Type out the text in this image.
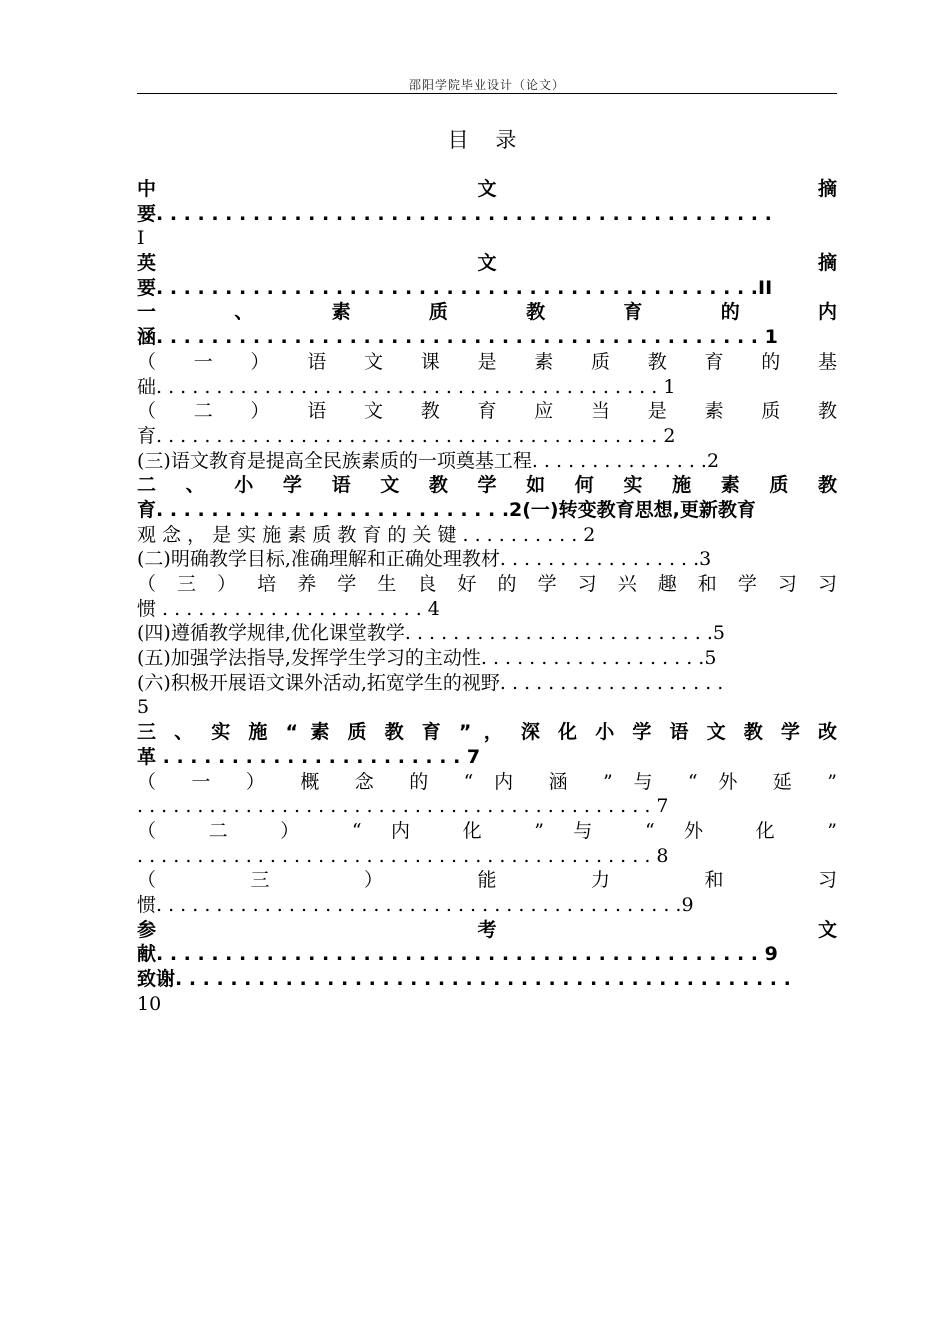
邵阳学院毕业设计（论文）
目 录
中 文 摘
要. . . . . . . . . . . . . . . . . . . . . . . . . . . . . . . . . . . . . . . . . . . . .
I
英 文 摘
要. . . . . . . . . . . . . . . . . . . . . . . . . . . . . . . . . . . . . . . . . . . .II
一 、 素 质 教 育 的 内
涵. . . . . . . . . . . . . . . . . . . . . . . . . . . . . . . . . . . . . . . . . . . . 1
（ 一 ） 语 文 课 是 素 质 教 育 的 基
础. . . . . . . . . . . . . . . . . . . . . . . . . . . . . . . . . . . . . . . . . . 1
（ 二 ） 语 文 教 育 应 当 是 素 质 教
育. . . . . . . . . . . . . . . . . . . . . . . . . . . . . . . . . . . . . . . . . . 2
(三)语文教育是提高全民族素质的一项奠基工程. . . . . . . . . . . . . . .2
二 、 小 学 语 文 教 学 如 何 实 施 素 质 教
育. . . . . . . . . . . . . . . . . . . . . . . . . .2(一)转变教育思想,更新教育
观 念 ， 是 实 施 素 质 教 育 的 关 键 . . . . . . . . . . 2
(二)明确教学目标,准确理解和正确处理教材. . . . . . . . . . . . . . . . .3
（ 三 ） 培 养 学 生 良 好 的 学 习 兴 趣 和 学 习 习
惯 . . . . . . . . . . . . . . . . . . . . . . 4
(四)遵循教学规律,优化课堂教学. . . . . . . . . . . . . . . . . . . . . . . . . .5
(五)加强学法指导,发挥学生学习的主动性. . . . . . . . . . . . . . . . . . .5
(六)积极开展语文课外活动,拓宽学生的视野. . . . . . . . . . . . . . . . . . .
5
三 、 实 施 “ 素 质 教 育 ” ， 深 化 小 学 语 文 教 学 改
革 . . . . . . . . . . . . . . . . . . . . . . 7
（ 一 ） 概 念 的 “ 内 涵 ” 与 “ 外 延 ”
. . . . . . . . . . . . . . . . . . . . . . . . . . . . . . . . . . . . . . . . . . . 7
（ 二 ） “ 内 化 ” 与 “ 外 化 ”
. . . . . . . . . . . . . . . . . . . . . . . . . . . . . . . . . . . . . . . . . . . 8
（ 三 ） 能 力 和 习
惯. . . . . . . . . . . . . . . . . . . . . . . . . . . . . . . . . . . . . . . . . . . .9
参 考 文
献. . . . . . . . . . . . . . . . . . . . . . . . . . . . . . . . . . . . . . . . . . . . 9
致谢. . . . . . . . . . . . . . . . . . . . . . . . . . . . . . . . . . . . . . . . . . . . .
10
